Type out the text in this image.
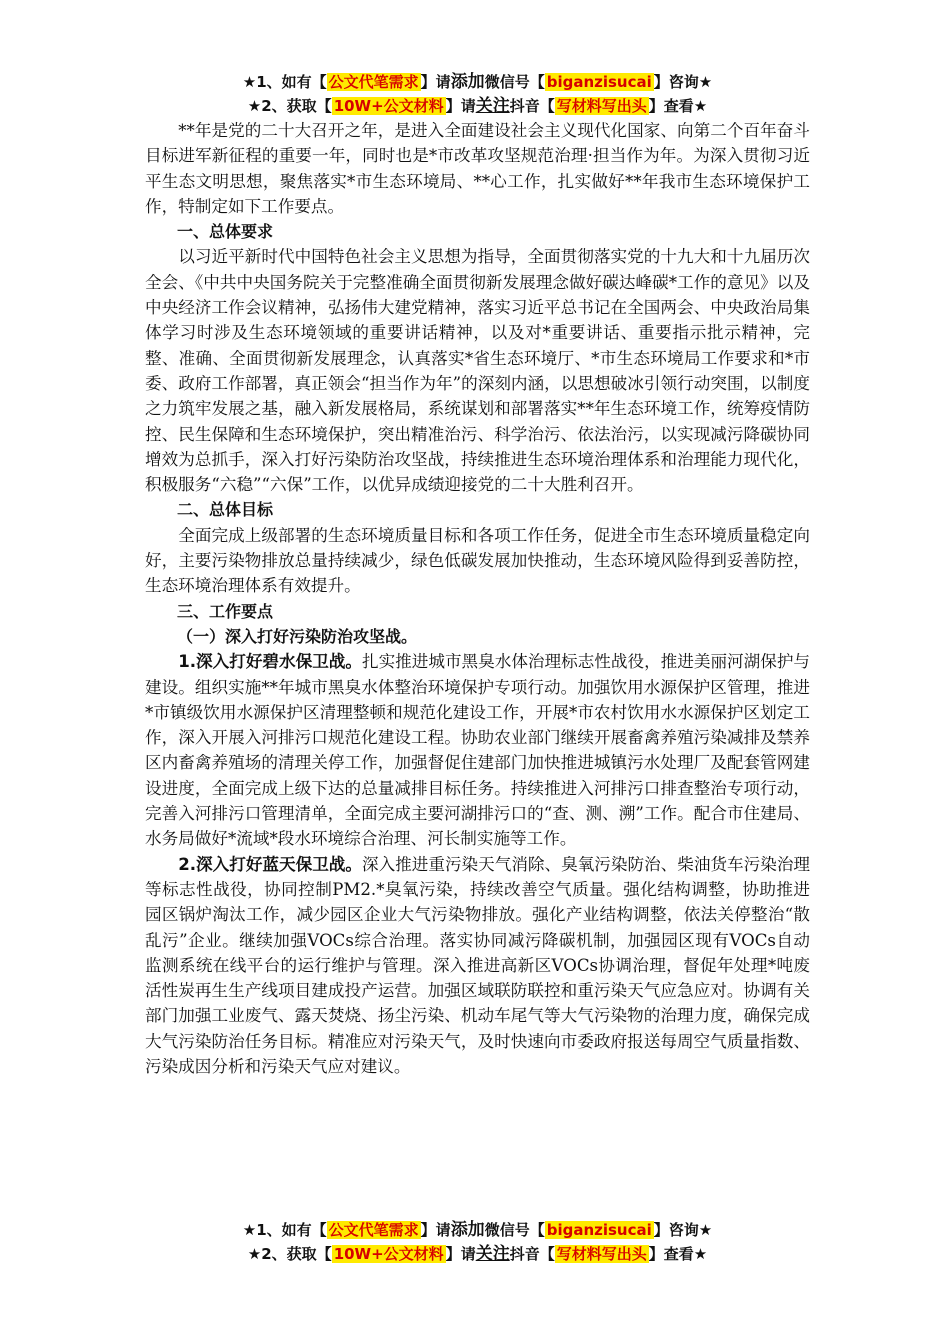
★1、如有【 公文代笔需求 】请添加微信号【 biganzisucai 】咨询★
★2、获取【 10W+公文材料 】请关注抖音【 写材料写出头 】查看★

**年是党的二十大召开之年，是进入全面建设社会主义现代化国家、向第二个百年奋斗目标进军新征程的重要一年，同时也是*市改革攻坚规范治理·担当作为年。为深入贯彻习近平生态文明思想，聚焦落实*市生态环境局、**心工作，扎实做好**年我市生态环境保护工作，特制定如下工作要点。

一、总体要求

以习近平新时代中国特色社会主义思想为指导，全面贯彻落实党的十九大和十九届历次全会、《中共中央国务院关于完整准确全面贯彻新发展理念做好碳达峰碳*工作的意见》以及中央经济工作会议精神，弘扬伟大建党精神，落实习近平总书记在全国两会、中央政治局集体学习时涉及生态环境领域的重要讲话精神，以及对*重要讲话、重要指示批示精神，完整、准确、全面贯彻新发展理念，认真落实*省生态环境厅、*市生态环境局工作要求和*市委、政府工作部署，真正领会“担当作为年”的深刻内涵，以思想破冰引领行动突围，以制度之力筑牢发展之基，融入新发展格局，系统谋划和部署落实**年生态环境工作，统筹疫情防控、民生保障和生态环境保护，突出精准治污、科学治污、依法治污，以实现减污降碳协同增效为总抓手，深入打好污染防治攻坚战，持续推进生态环境治理体系和治理能力现代化，积极服务“六稳”“六保”工作，以优异成绩迎接党的二十大胜利召开。

二、总体目标

全面完成上级部署的生态环境质量目标和各项工作任务，促进全市生态环境质量稳定向好，主要污染物排放总量持续减少，绿色低碳发展加快推动，生态环境风险得到妥善防控，生态环境治理体系有效提升。

三、工作要点

（一）深入打好污染防治攻坚战。

1.深入打好碧水保卫战。扎实推进城市黑臭水体治理标志性战役，推进美丽河湖保护与建设。组织实施**年城市黑臭水体整治环境保护专项行动。加强饮用水源保护区管理，推进*市镇级饮用水源保护区清理整顿和规范化建设工作，开展*市农村饮用水水源保护区划定工作，深入开展入河排污口规范化建设工程。协助农业部门继续开展畜禽养殖污染减排及禁养区内畜禽养殖场的清理关停工作，加强督促住建部门加快推进城镇污水处理厂及配套管网建设进度，全面完成上级下达的总量减排目标任务。持续推进入河排污口排查整治专项行动，完善入河排污口管理清单，全面完成主要河湖排污口的“查、测、溯”工作。配合市住建局、水务局做好*流域*段水环境综合治理、河长制实施等工作。

2.深入打好蓝天保卫战。深入推进重污染天气消除、臭氧污染防治、柴油货车污染治理等标志性战役，协同控制PM2.*臭氧污染，持续改善空气质量。强化结构调整，协助推进园区锅炉淘汰工作，减少园区企业大气污染物排放。强化产业结构调整，依法关停整治“散乱污”企业。继续加强VOCs综合治理。落实协同减污降碳机制，加强园区现有VOCs自动监测系统在线平台的运行维护与管理。深入推进高新区VOCs协调治理，督促年处理*吨废活性炭再生生产线项目建成投产运营。加强区域联防联控和重污染天气应急应对。协调有关部门加强工业废气、露天焚烧、扬尘污染、机动车尾气等大气污染物的治理力度，确保完成大气污染防治任务目标。精准应对污染天气，及时快速向市委政府报送每周空气质量指数、污染成因分析和污染天气应对建议。

★1、如有【 公文代笔需求 】请添加微信号【 biganzisucai 】咨询★
★2、获取【 10W+公文材料 】请关注抖音【 写材料写出头 】查看★
